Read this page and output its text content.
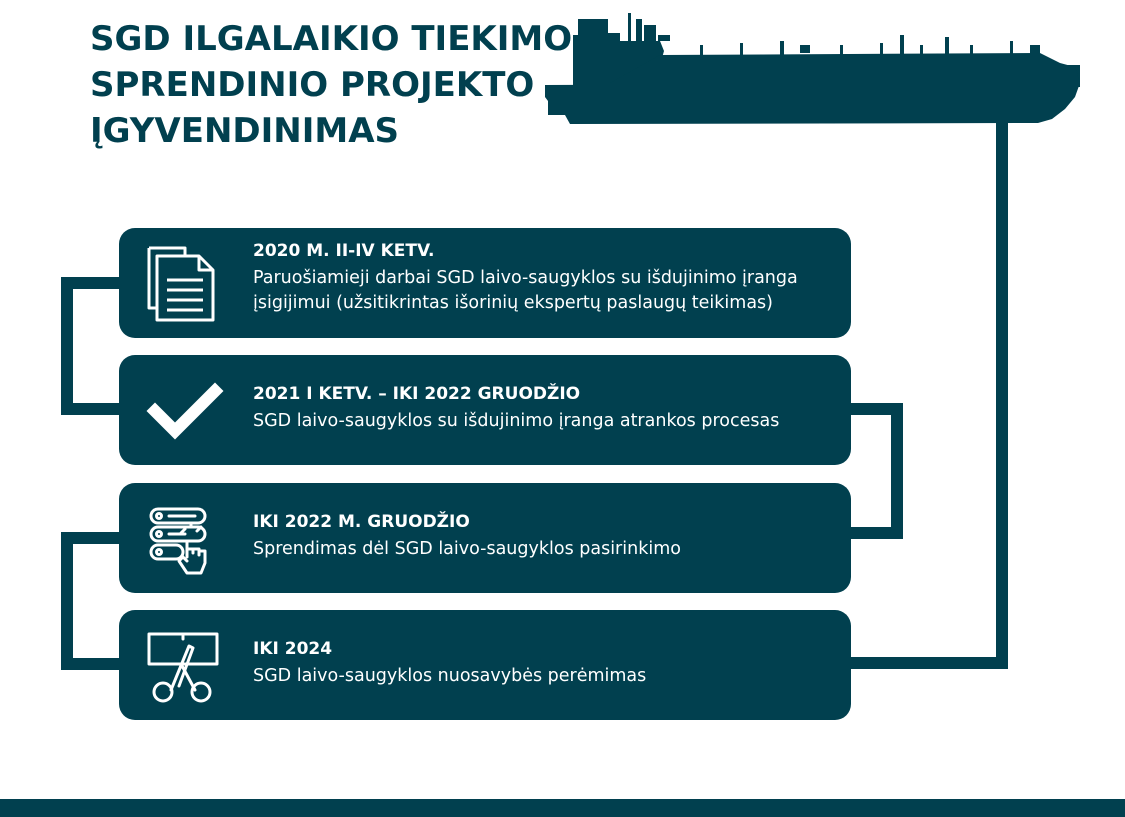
SGD ILGALAIKIO TIEKIMO
SPRENDINIO PROJEKTO
ĮGYVENDINIMAS
2020 M. II-IV KETV.
Paruošiamieji darbai SGD laivo-saugyklos su išdujinimo įranga įsigijimui (užsitikrintas išorinių ekspertų paslaugų teikimas)
2021 I KETV. – IKI 2022 GRUODŽIO
SGD laivo-saugyklos su išdujinimo įranga atrankos procesas
IKI 2022 M. GRUODŽIO
Sprendimas dėl SGD laivo-saugyklos pasirinkimo
IKI 2024
SGD laivo-saugyklos nuosavybės perėmimas
